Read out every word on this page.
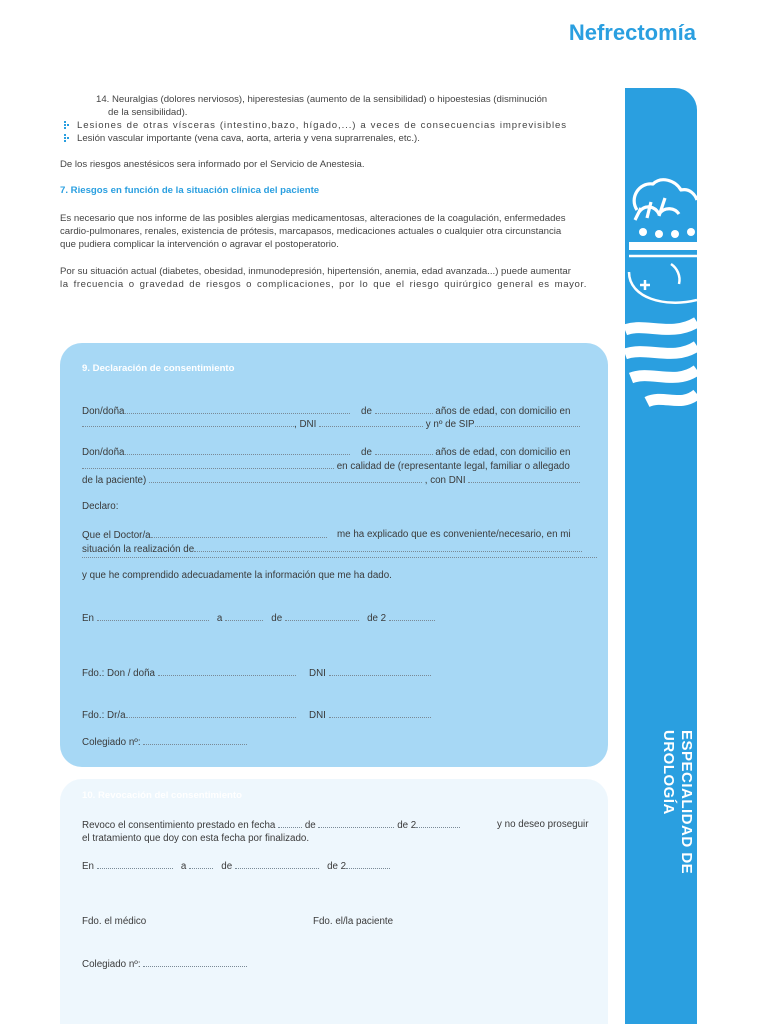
Nefrectomía
14. Neuralgias (dolores nerviosos), hiperestesias (aumento de la sensibilidad) o hipoestesias (disminución
de la sensibilidad).
Lesiones de otras vísceras (intestino,bazo, hígado,...) a veces de consecuencias imprevisibles
Lesión vascular importante (vena cava, aorta, arteria y vena suprarrenales, etc.).
De los riesgos anestésicos sera informado por el Servicio de Anestesia.
7. Riesgos en función de la situación clínica del paciente
Es necesario que nos informe de las posibles alergias medicamentosas, alteraciones de la coagulación, enfermedades
cardio-pulmonares, renales, existencia de prótesis, marcapasos, medicaciones actuales o cualquier otra circunstancia
que pudiera complicar la intervención o agravar el postoperatorio.
Por su situación actual (diabetes, obesidad, inmunodepresión, hipertensión, anemia, edad avanzada...) puede aumentar
la frecuencia o gravedad de riesgos o complicaciones, por lo que el riesgo quirúrgico general es mayor.
9. Declaración de consentimiento
Don/doña	de	años de edad, con domicilio en
, DNI	y nº de SIP
Don/doña	de	años de edad, con domicilio en
en calidad de (representante legal, familiar o allegado
de la paciente)	, con DNI
Declaro:
Que el Doctor/a	me ha explicado que es conveniente/necesario, en mi
situación la realización de
y que he comprendido adecuadamente la información que me ha dado.
En	a	de	de 2
Fdo.: Don / doña	DNI
Fdo.: Dr/a	DNI
Colegiado nº:
10. Revocación del consentimiento
Revoco el consentimiento prestado en fecha	de	de 2	y no deseo proseguir
el tratamiento que doy con esta fecha por finalizado.
En	a	de	de 2
Fdo. el médico	Fdo. el/la paciente
Colegiado nº:
ESPECIALIDAD DE
UROLOGÍA
